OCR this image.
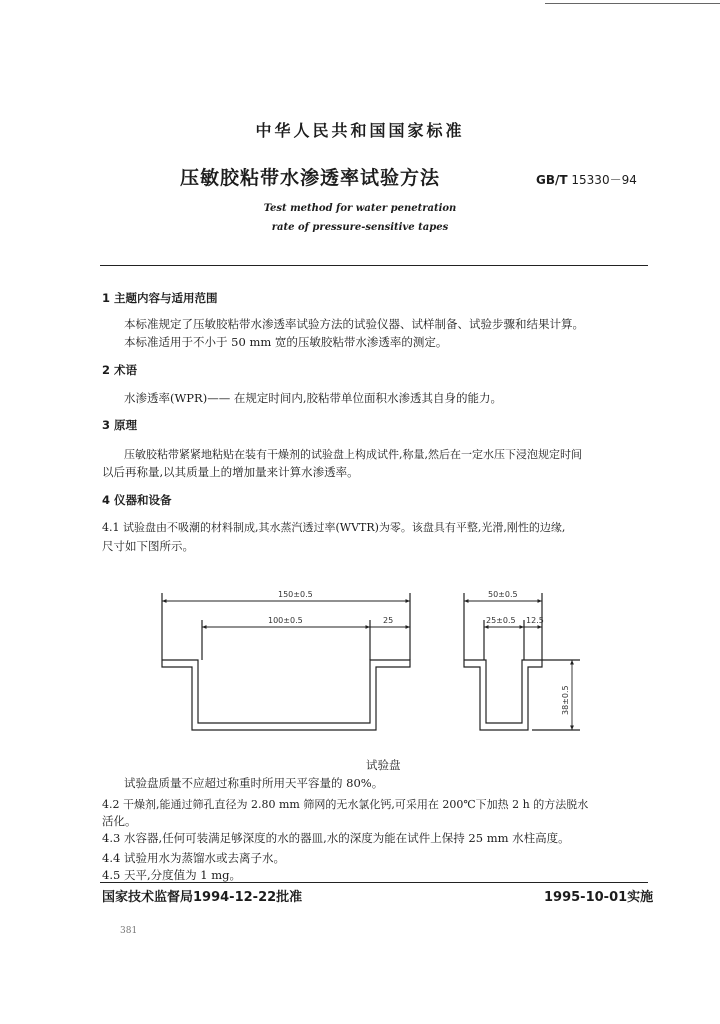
中华人民共和国国家标准
压敏胶粘带水渗透率试验方法	GB/T 15330－94
Test method for water penetration
rate of pressure-sensitive tapes
1 主题内容与适用范围
本标准规定了压敏胶粘带水渗透率试验方法的试验仪器、试样制备、试验步骤和结果计算。
本标准适用于不小于 50 mm 宽的压敏胶粘带水渗透率的测定。
2 术语
水渗透率(WPR)—— 在规定时间内,胶粘带单位面积水渗透其自身的能力。
3 原理
压敏胶粘带紧紧地粘贴在装有干燥剂的试验盘上构成试件,称量,然后在一定水压下浸泡规定时间
以后再称量,以其质量上的增加量来计算水渗透率。
4 仪器和设备
4.1 试验盘由不吸潮的材料制成,其水蒸汽透过率(WVTR)为零。该盘具有平整,光滑,刚性的边缘,
尺寸如下图所示。
150±0.5
100±0.5	25
50±0.5
25±0.5 12.5
38±0.5
试验盘
试验盘质量不应超过称重时所用天平容量的 80%。
4.2 干燥剂,能通过筛孔直径为 2.80 mm 筛网的无水氯化钙,可采用在 200℃下加热 2 h 的方法脱水
活化。
4.3 水容器,任何可装满足够深度的水的器皿,水的深度为能在试件上保持 25 mm 水柱高度。
4.4 试验用水为蒸馏水或去离子水。
4.5 天平,分度值为 1 mg。
国家技术监督局1994-12-22批准	1995-10-01实施
381
